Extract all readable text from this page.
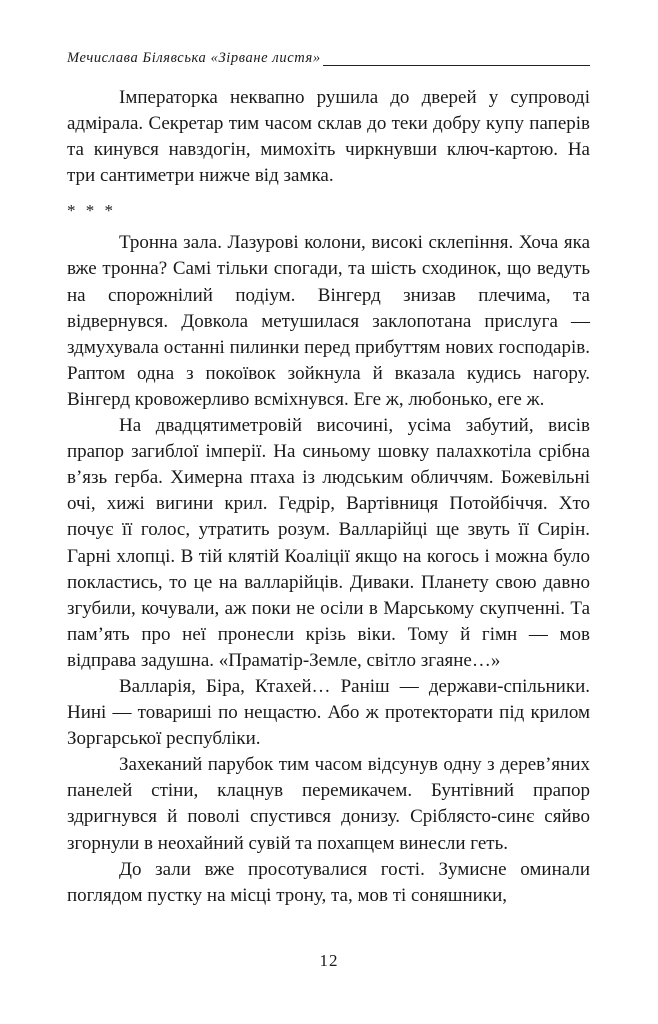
Мечислава Білявська «Зірване листя»

Імператорка неквапно рушила до дверей у супроводі адмірала. Секретар тим часом склав до теки добру купу паперів та кинувся навздогін, мимохіть чиркнувши ключ-картою. На три сантиметри нижче від замка.

* * *

Тронна зала. Лазурові колони, високі склепіння. Хоча яка вже тронна? Самі тільки спогади, та шість сходинок, що ведуть на спорожнілий подіум. Вінгерд знизав плечима, та відвернувся. Довкола метушилася заклопотана прислуга — здмухувала останні пилинки перед прибуттям нових господарів. Раптом одна з покоївок зойкнула й вказала кудись нагору. Вінгерд кровожерливо всміхнувся. Еге ж, любонько, еге ж.

На двадцятиметровій височині, усіма забутий, висів прапор загиблої імперії. На синьому шовку палахкотіла срібна в’язь герба. Химерна птаха із людським обличчям. Божевільні очі, хижі вигини крил. Гедрір, Вартівниця Потойбіччя. Хто почує її голос, утратить розум. Валларійці ще звуть її Сирін. Гарні хлопці. В тій клятій Коаліції якщо на когось і можна було покластись, то це на валларійців. Диваки. Планету свою давно згубили, кочували, аж поки не осіли в Марському скупченні. Та пам’ять про неї пронесли крізь віки. Тому й гімн — мов відправа задушна. «Праматір-Земле, світло згаяне…»

Валларія, Біра, Ктахей… Раніш — держави-спільники. Нині — товариші по нещастю. Або ж протекторати під крилом Зоргарської республіки.

Захеканий парубок тим часом відсунув одну з дерев’яних панелей стіни, клацнув перемикачем. Бунтівний прапор здригнувся й поволі спустився донизу. Сріблясто-синє сяйво згорнули в неохайний сувій та похапцем винесли геть.

До зали вже просотувалися гості. Зумисне оминали поглядом пустку на місці трону, та, мов ті соняшники,

12
